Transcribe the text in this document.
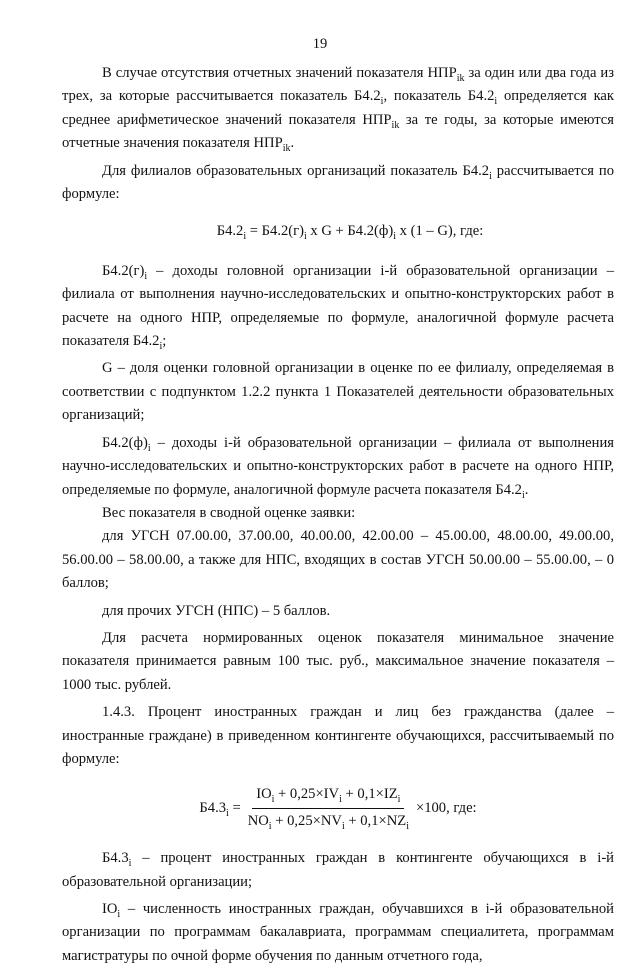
19

В случае отсутствия отчетных значений показателя $НПР_{ik}$ за один или два года из трех, за которые рассчитывается показатель $Б4.2_i$, показатель $Б4.2_i$ определяется как среднее арифметическое значений показателя $НПР_{ik}$ за те годы, за которые имеются отчетные значения показателя $НПР_{ik}$.

Для филиалов образовательных организаций показатель $Б4.2_i$ рассчитывается по формуле:

$Б4.2_i = Б4.2(г)_i$ x $G + Б4.2(ф)_i$ x (1 – G), где:

$Б4.2(г)_i$ – доходы головной организации i-й образовательной организации – филиала от выполнения научно-исследовательских и опытно-конструкторских работ в расчете на одного НПР, определяемые по формуле, аналогичной формуле расчета показателя $Б4.2_i$;

G – доля оценки головной организации в оценке по ее филиалу, определяемая в соответствии с подпунктом 1.2.2 пункта 1 Показателей деятельности образовательных организаций;

$Б4.2(ф)_i$ – доходы i-й образовательной организации – филиала от выполнения научно-исследовательских и опытно-конструкторских работ в расчете на одного НПР, определяемые по формуле, аналогичной формуле расчета показателя $Б4.2_i$.

Вес показателя в сводной оценке заявки:

для УГСН 07.00.00, 37.00.00, 40.00.00, 42.00.00 – 45.00.00, 48.00.00, 49.00.00, 56.00.00 – 58.00.00, а также для НПС, входящих в состав УГСН 50.00.00 – 55.00.00, – 0 баллов;

для прочих УГСН (НПС) – 5 баллов.

Для расчета нормированных оценок показателя минимальное значение показателя принимается равным 100 тыс. руб., максимальное значение показателя – 1000 тыс. рублей.

1.4.3. Процент иностранных граждан и лиц без гражданства (далее – иностранные граждане) в приведенном контингенте обучающихся, рассчитываемый по формуле:

$Б4.3_i = \frac{IO_i + 0,25\times IV_i + 0,1\times IZ_i}{NO_i + 0,25\times NV_i + 0,1\times NZ_i} \times 100$, где:

$Б4.3_i$ – процент иностранных граждан в контингенте обучающихся в i-й образовательной организации;

$IO_i$ – численность иностранных граждан, обучавшихся в i-й образовательной организации по программам бакалавриата, программам специалитета, программам магистратуры по очной форме обучения по данным отчетного года,
